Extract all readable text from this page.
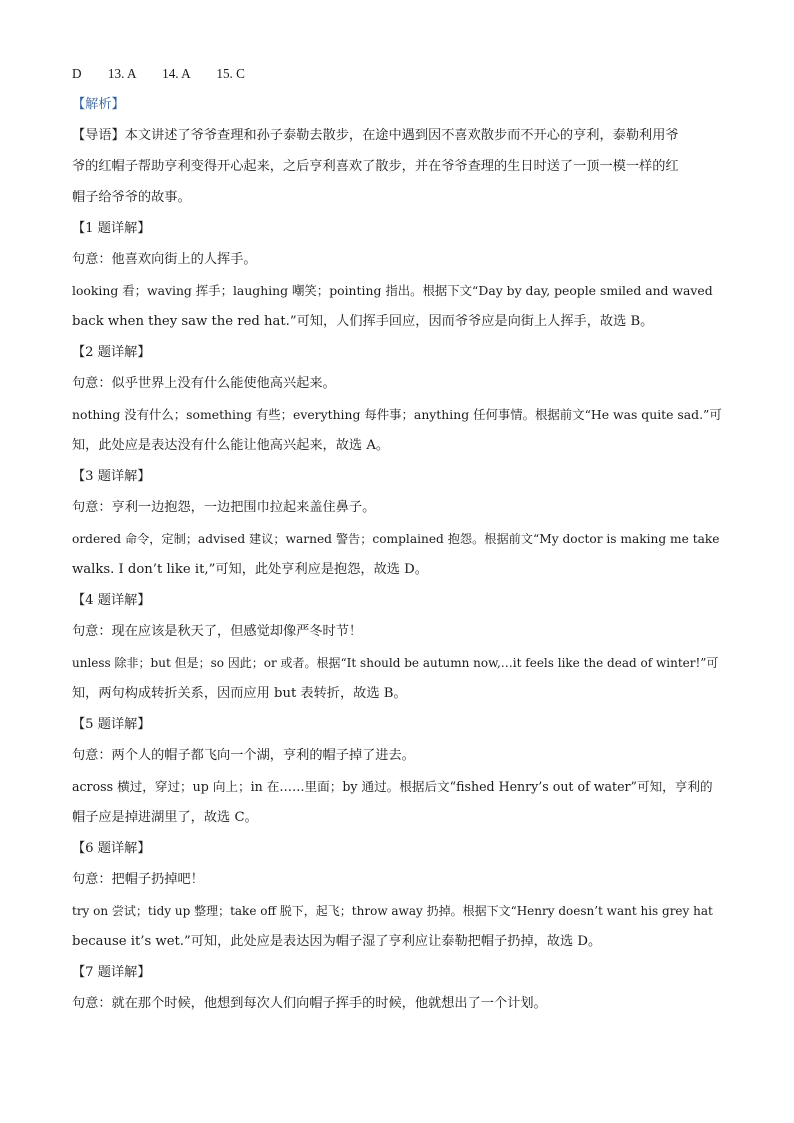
D        13. A        14. A        15. C
【解析】
【导语】本文讲述了爷爷查理和孙子泰勒去散步，在途中遇到因不喜欢散步而不开心的亨利，泰勒利用爷
爷的红帽子帮助亨利变得开心起来，之后亨利喜欢了散步，并在爷爷查理的生日时送了一顶一模一样的红
帽子给爷爷的故事。
【1 题详解】
句意：他喜欢向街上的人挥手。
looking 看；waving 挥手；laughing 嘲笑；pointing 指出。根据下文“Day by day, people smiled and waved
back when they saw the red hat.”可知，人们挥手回应，因而爷爷应是向街上人挥手，故选 B。
【2 题详解】
句意：似乎世界上没有什么能使他高兴起来。
nothing 没有什么；something 有些；everything 每件事；anything 任何事情。根据前文“He was quite sad.”可
知，此处应是表达没有什么能让他高兴起来，故选 A。
【3 题详解】
句意：亨利一边抱怨，一边把围巾拉起来盖住鼻子。
ordered 命令，定制；advised 建议；warned 警告；complained 抱怨。根据前文“My doctor is making me take
walks. I don’t like it,”可知，此处亨利应是抱怨，故选 D。
【4 题详解】
句意：现在应该是秋天了，但感觉却像严冬时节！
unless 除非；but 但是；so 因此；or 或者。根据“It should be autumn now,…it feels like the dead of winter!”可
知，两句构成转折关系，因而应用 but 表转折，故选 B。
【5 题详解】
句意：两个人的帽子都飞向一个湖，亨利的帽子掉了进去。
across 横过，穿过；up 向上；in 在……里面；by 通过。根据后文“fished Henry’s out of water”可知，亨利的
帽子应是掉进湖里了，故选 C。
【6 题详解】
句意：把帽子扔掉吧！
try on 尝试；tidy up 整理；take off 脱下，起飞；throw away 扔掉。根据下文“Henry doesn’t want his grey hat
because it’s wet.”可知，此处应是表达因为帽子湿了亨利应让泰勒把帽子扔掉，故选 D。
【7 题详解】
句意：就在那个时候，他想到每次人们向帽子挥手的时候，他就想出了一个计划。
